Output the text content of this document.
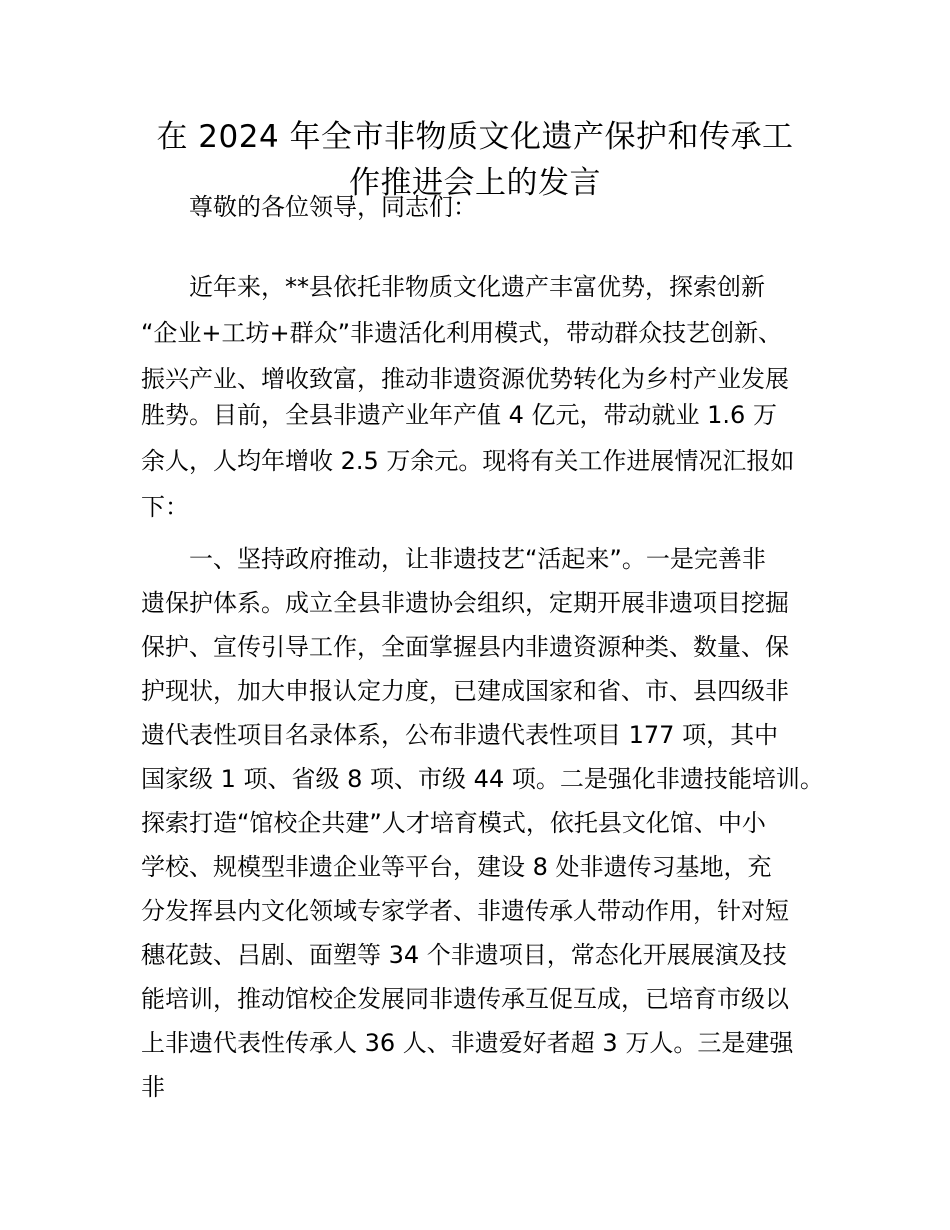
在 2024 年全市非物质文化遗产保护和传承工
作推进会上的发言

　　尊敬的各位领导，同志们：

　　近年来，**县依托非物质文化遗产丰富优势，探索创新

“企业+工坊+群众”非遗活化利用模式，带动群众技艺创新、

振兴产业、增收致富，推动非遗资源优势转化为乡村产业发展

胜势。目前，全县非遗产业年产值 4 亿元，带动就业 1.6 万

余人，人均年增收 2.5 万余元。现将有关工作进展情况汇报如

下：

　　一、坚持政府推动，让非遗技艺“活起来”。一是完善非

遗保护体系。成立全县非遗协会组织，定期开展非遗项目挖掘

保护、宣传引导工作，全面掌握县内非遗资源种类、数量、保

护现状，加大申报认定力度，已建成国家和省、市、县四级非

遗代表性项目名录体系，公布非遗代表性项目 177 项，其中

国家级 1 项、省级 8 项、市级 44 项。二是强化非遗技能培训。

探索打造“馆校企共建”人才培育模式，依托县文化馆、中小

学校、规模型非遗企业等平台，建设 8 处非遗传习基地，充

分发挥县内文化领域专家学者、非遗传承人带动作用，针对短

穗花鼓、吕剧、面塑等 34 个非遗项目，常态化开展展演及技

能培训，推动馆校企发展同非遗传承互促互成，已培育市级以

上非遗代表性传承人 36 人、非遗爱好者超 3 万人。三是建强

非
